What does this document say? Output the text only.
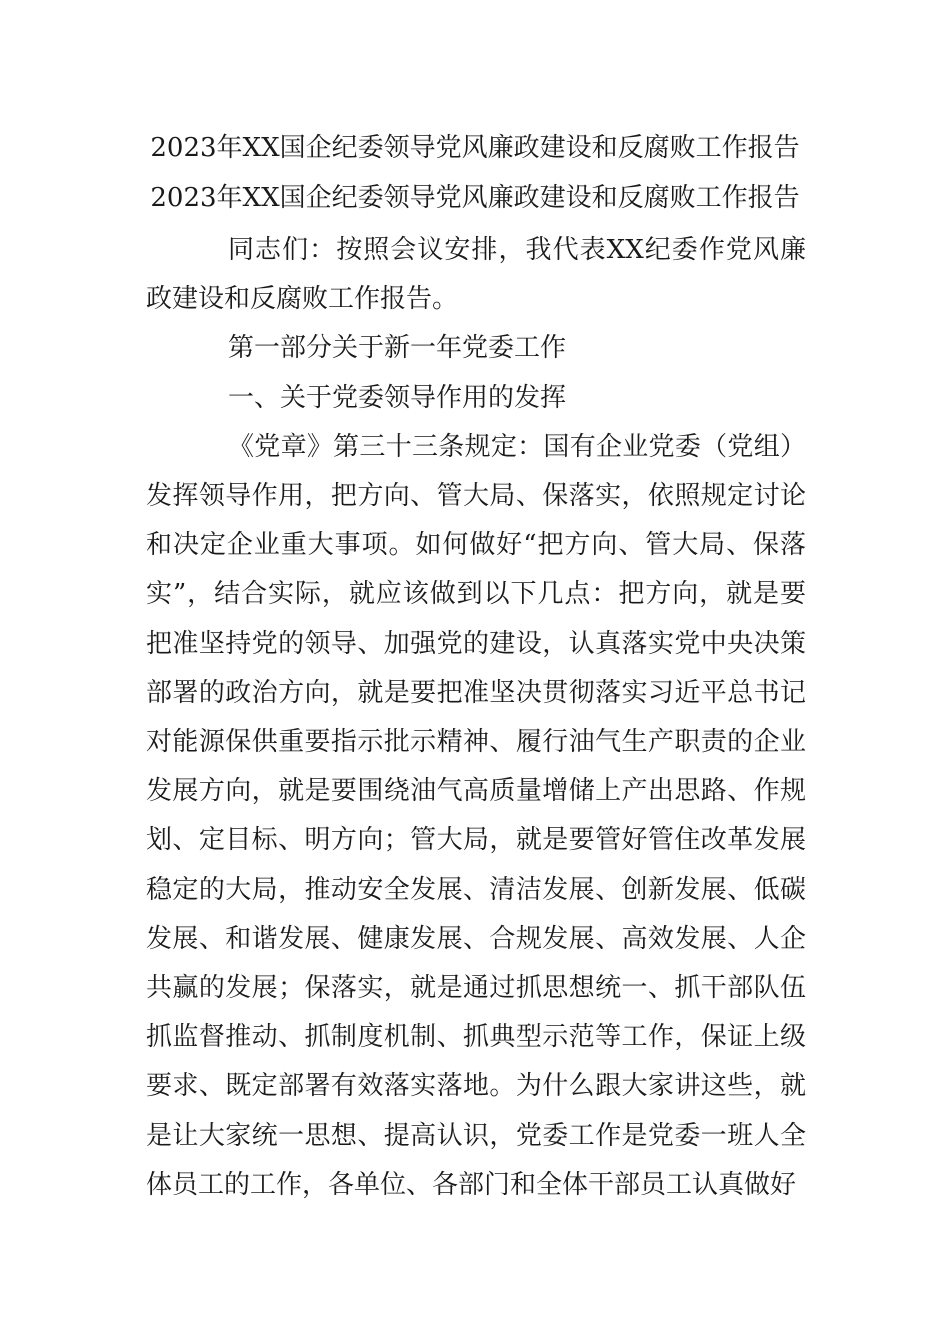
2023年XX国企纪委领导党风廉政建设和反腐败工作报告
2023年XX国企纪委领导党风廉政建设和反腐败工作报告

同志们：按照会议安排，我代表XX纪委作党风廉政建设和反腐败工作报告。

第一部分关于新一年党委工作

一、关于党委领导作用的发挥

《党章》第三十三条规定：国有企业党委（党组）发挥领导作用，把方向、管大局、保落实，依照规定讨论和决定企业重大事项。如何做好“把方向、管大局、保落实”，结合实际，就应该做到以下几点：把方向，就是要把准坚持党的领导、加强党的建设，认真落实党中央决策部署的政治方向，就是要把准坚决贯彻落实习近平总书记对能源保供重要指示批示精神、履行油气生产职责的企业发展方向，就是要围绕油气高质量增储上产出思路、作规划、定目标、明方向；管大局，就是要管好管住改革发展稳定的大局，推动安全发展、清洁发展、创新发展、低碳发展、和谐发展、健康发展、合规发展、高效发展、人企共赢的发展；保落实，就是通过抓思想统一、抓干部队伍抓监督推动、抓制度机制、抓典型示范等工作，保证上级要求、既定部署有效落实落地。为什么跟大家讲这些，就是让大家统一思想、提高认识，党委工作是党委一班人全体员工的工作，各单位、各部门和全体干部员工认真做好
